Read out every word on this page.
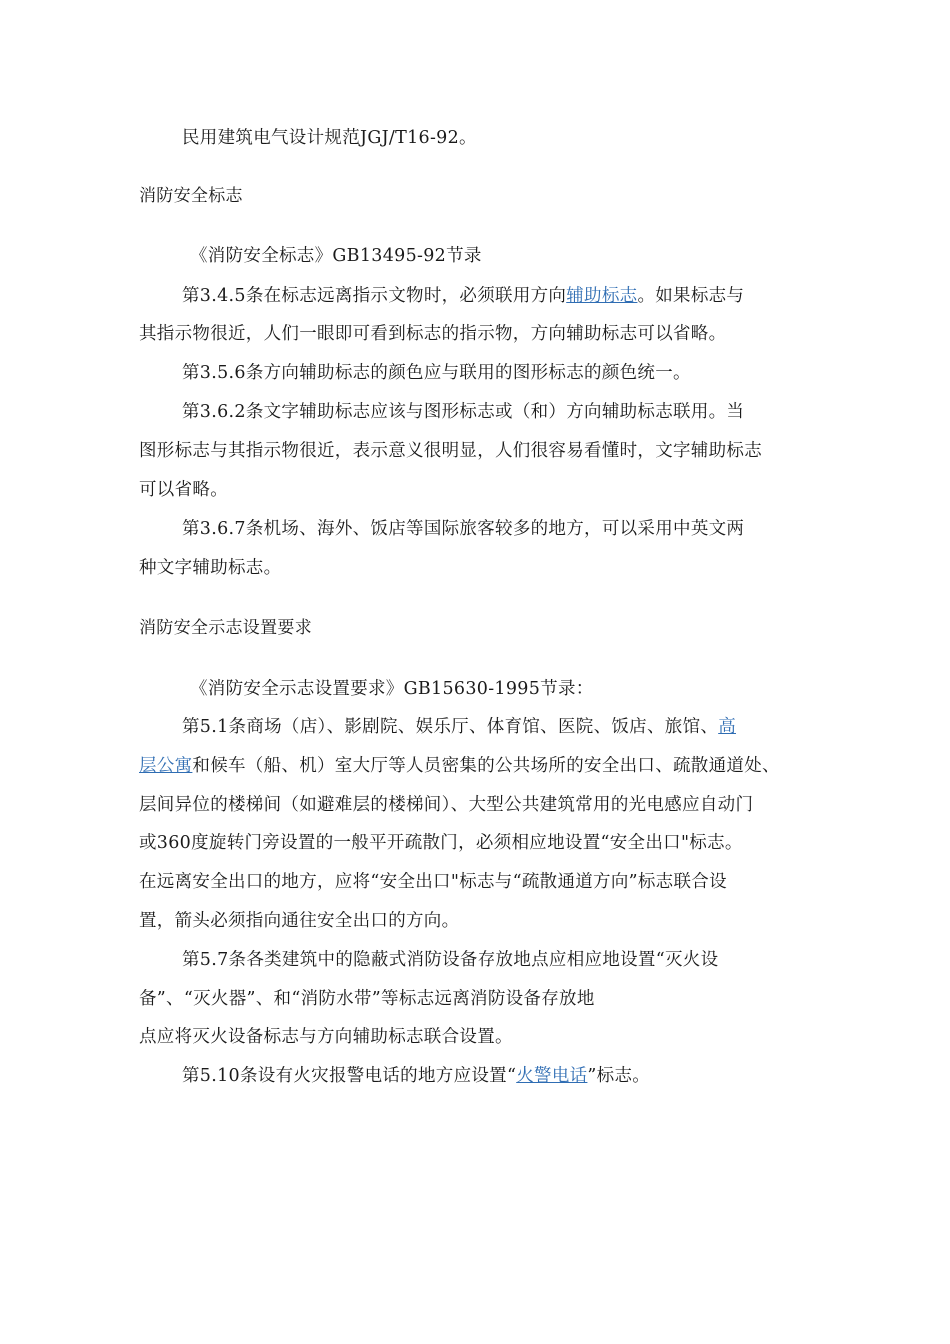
民用建筑电气设计规范JGJ/T16-92。
消防安全标志
《消防安全标志》GB13495-92节录
第3.4.5条在标志远离指示文物时，必须联用方向辅助标志。如果标志与
其指示物很近，人们一眼即可看到标志的指示物，方向辅助标志可以省略。
第3.5.6条方向辅助标志的颜色应与联用的图形标志的颜色统一。
第3.6.2条文字辅助标志应该与图形标志或（和）方向辅助标志联用。当
图形标志与其指示物很近，表示意义很明显，人们很容易看懂时，文字辅助标志
可以省略。
第3.6.7条机场、海外、饭店等国际旅客较多的地方，可以采用中英文两
种文字辅助标志。
消防安全示志设置要求
《消防安全示志设置要求》GB15630-1995节录：
第5.1条商场（店）、影剧院、娱乐厅、体育馆、医院、饭店、旅馆、高
层公寓和候车（船、机）室大厅等人员密集的公共场所的安全出口、疏散通道处、
层间异位的楼梯间（如避难层的楼梯间）、大型公共建筑常用的光电感应自动门
或360度旋转门旁设置的一般平开疏散门，必须相应地设置“安全出口"标志。
在远离安全出口的地方，应将“安全出口"标志与“疏散通道方向”标志联合设
置，箭头必须指向通往安全出口的方向。
第5.7条各类建筑中的隐蔽式消防设备存放地点应相应地设置“灭火设
备”、“灭火器”、和“消防水带”等标志远离消防设备存放地
点应将灭火设备标志与方向辅助标志联合设置。
第5.10条设有火灾报警电话的地方应设置“火警电话”标志。
